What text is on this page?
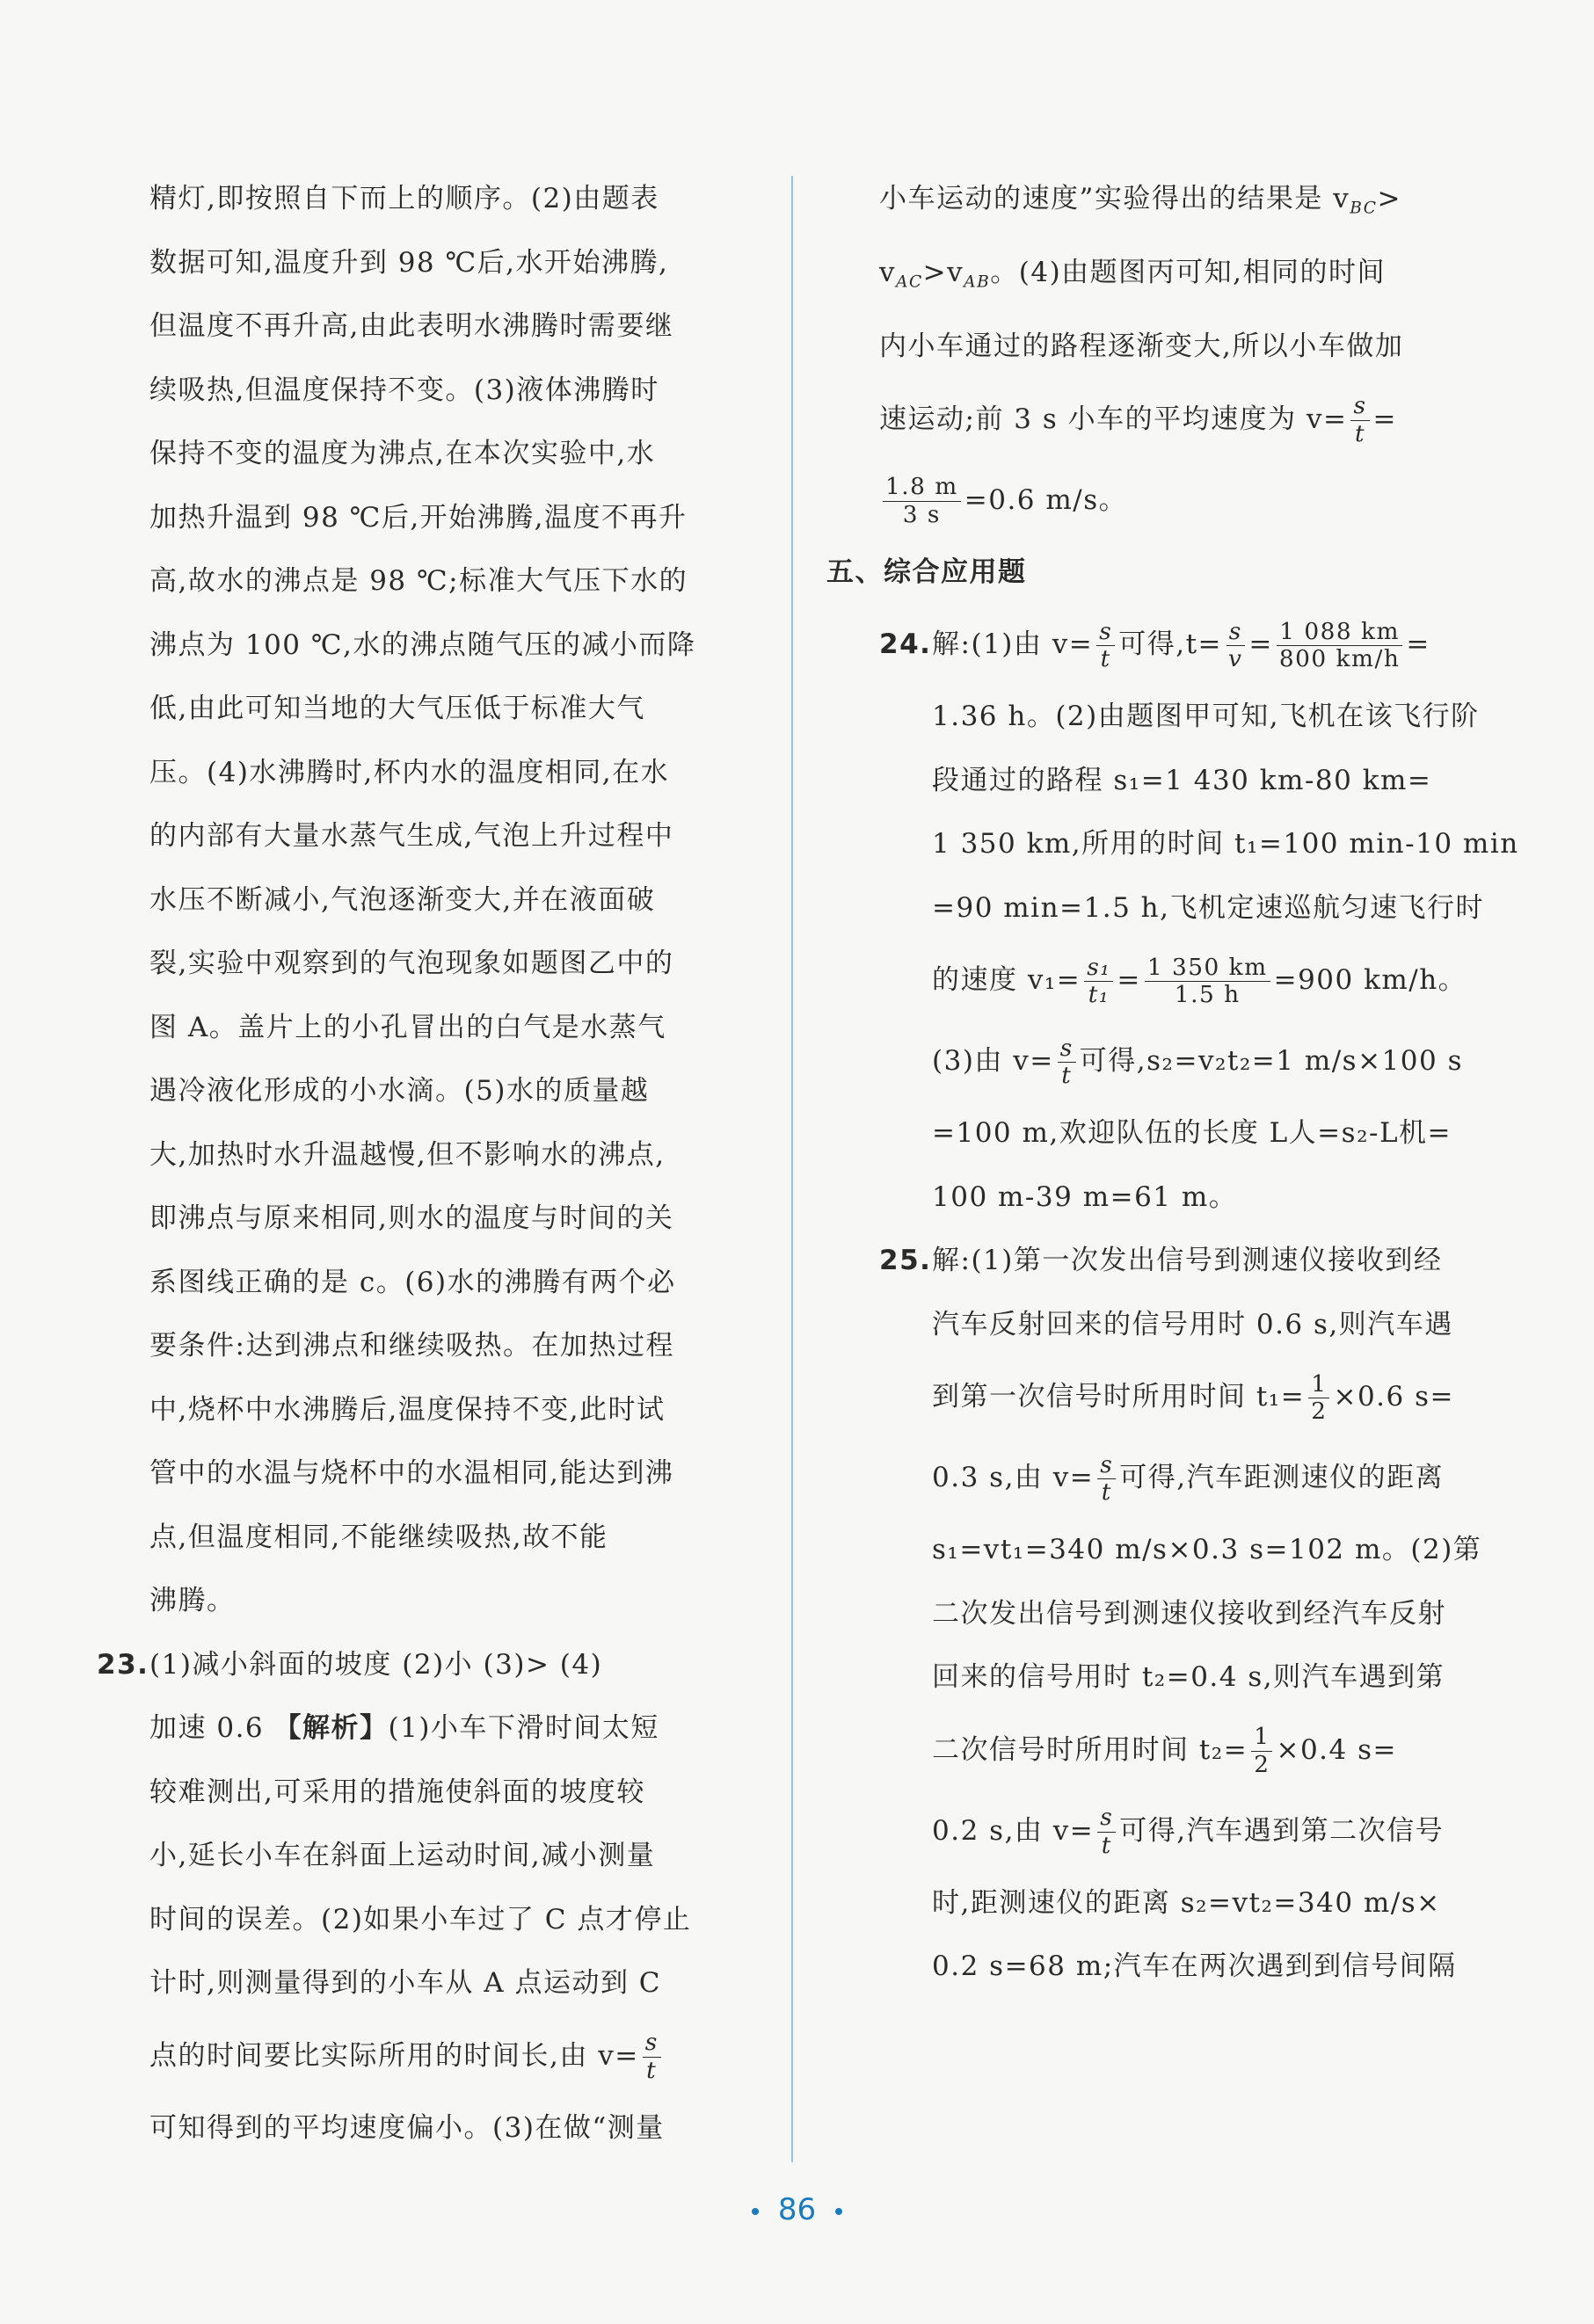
精灯,即按照自下而上的顺序。(2)由题表
数据可知,温度升到 98 ℃后,水开始沸腾,
但温度不再升高,由此表明水沸腾时需要继
续吸热,但温度保持不变。(3)液体沸腾时
保持不变的温度为沸点,在本次实验中,水
加热升温到 98 ℃后,开始沸腾,温度不再升
高,故水的沸点是 98 ℃;标准大气压下水的
沸点为 100 ℃,水的沸点随气压的减小而降
低,由此可知当地的大气压低于标准大气
压。(4)水沸腾时,杯内水的温度相同,在水
的内部有大量水蒸气生成,气泡上升过程中
水压不断减小,气泡逐渐变大,并在液面破
裂,实验中观察到的气泡现象如题图乙中的
图 A。盖片上的小孔冒出的白气是水蒸气
遇冷液化形成的小水滴。(5)水的质量越
大,加热时水升温越慢,但不影响水的沸点,
即沸点与原来相同,则水的温度与时间的关
系图线正确的是 c。(6)水的沸腾有两个必
要条件:达到沸点和继续吸热。在加热过程
中,烧杯中水沸腾后,温度保持不变,此时试
管中的水温与烧杯中的水温相同,能达到沸
点,但温度相同,不能继续吸热,故不能
沸腾。
23.(1)减小斜面的坡度 (2)小 (3)> (4)
加速 0.6 【解析】(1)小车下滑时间太短
较难测出,可采用的措施使斜面的坡度较
小,延长小车在斜面上运动时间,减小测量
时间的误差。(2)如果小车过了 C 点才停止
计时,则测量得到的小车从 A 点运动到 C
点的时间要比实际所用的时间长,由 $v= \frac{s}{t}$
可知得到的平均速度偏小。(3)在做“测量
小车运动的速度”实验得出的结果是 $v_{BC}>$
$v_{AC}>v_{AB}$。(4)由题图丙可知,相同的时间
内小车通过的路程逐渐变大,所以小车做加
速运动;前 3 s 小车的平均速度为 $v= \frac{s}{t}$ =
$\frac{1.8 m}{3 s} =0.6$ m/s。
五、综合应用题
24.解:(1)由 $v= \frac{s}{t}$ 可得$,t= \frac{s}{v} = \frac{1 088 km}{800 km/h}$ =
1.36 h。(2)由题图甲可知,飞机在该飞行阶
段通过的路程 s₁=1 430 km-80 km=
1 350 km,所用的时间 t₁=100 min-10 min
=90 min=1.5 h,飞机定速巡航匀速飞行时
的速度 $v_1= \frac{\text{s₁}}{\text{t₁}} = \frac{1 350 km}{1.5 h} =900$ km/h。
(3)由 $v= \frac{s}{t}$ 可得,s₂=v₂t₂=1 m/s×100 s
=100 m,欢迎队伍的长度 L人=s₂-L机=
100 m-39 m=61 m。
25.解:(1)第一次发出信号到测速仪接收到经
汽车反射回来的信号用时 0.6 s,则汽车遇
到第一次信号时所用时间 $t_1= \frac{1}{2} \times 0.6$ s=
0.3 s,由 $v= \frac{s}{t}$ 可得,汽车距测速仪的距离
s₁=vt₁=340 m/s×0.3 s=102 m。(2)第
二次发出信号到测速仪接收到经汽车反射
回来的信号用时 t₂=0.4 s,则汽车遇到第
二次信号时所用时间 $t_2= \frac{1}{2} \times 0.4$ s=
0.2 s,由 $v= \frac{s}{t}$ 可得,汽车遇到第二次信号
时,距测速仪的距离 s₂=vt₂=340 m/s×
0.2 s=68 m;汽车在两次遇到到信号间隔
86
